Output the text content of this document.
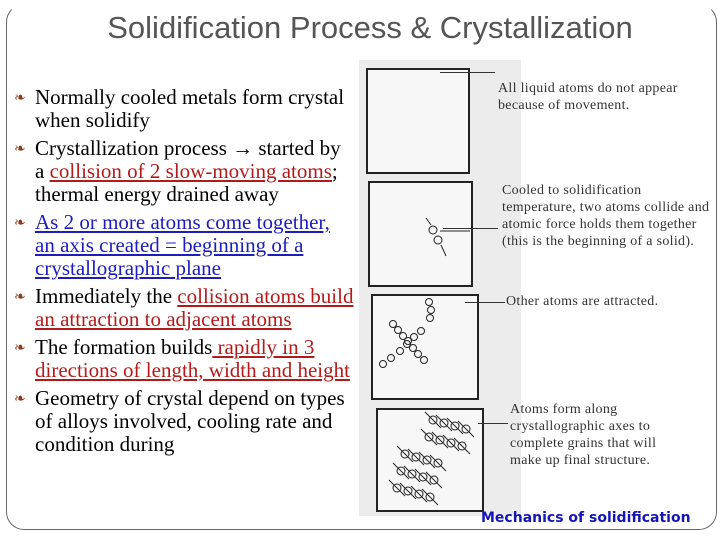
Solidification Process & Crystallization
❧ Normally cooled metals form crystal when solidify
❧ Crystallization process → started by a collision of 2 slow-moving atoms; thermal energy drained away
❧ As 2 or more atoms come together, an axis created = beginning of a crystallographic plane
❧ Immediately the collision atoms build an attraction to adjacent atoms
❧ The formation builds rapidly in 3 directions of length, width and height
❧ Geometry of crystal depend on types of alloys involved, cooling rate and condition during
All liquid atoms do not appear because of movement.
Cooled to solidification temperature, two atoms collide and atomic force holds them together (this is the beginning of a solid).
Other atoms are attracted.
Atoms form along crystallographic axes to complete grains that will make up final structure.
Mechanics of solidification
